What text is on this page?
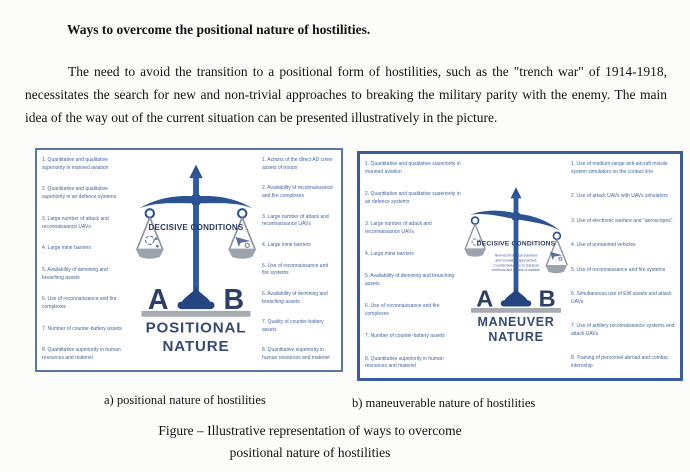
Ways to overcome the positional nature of hostilities.
The need to avoid the transition to a positional form of hostilities, such as the "trench war" of 1914-1918, necessitates the search for new and non-trivial approaches to breaking the military parity with the enemy. The main idea of the way out of the current situation can be presented illustratively in the picture.
1. Quantitative and qualitative superiority in manned aviation
2. Quantitative and qualitative superiority in air defence systems
3. Large number of attack and reconnaissance UAVs
4. Large mine barriers
5. Availability of demining and breaching assets
6. Use of reconnaissance and fire complexes
7. Number of counter-battery assets
8. Quantitative superiority in human resources and materiel
DECISIVE CONDITIONS
A B
POSITIONAL
NATURE
1. Actions of the direct AD cover assets of troops
2. Availability of reconnaissance and fire complexes
3. Large number of attack and reconnaissance UAVs
4. Large mine barriers
5. Use of reconnaissance and fire systems
6. Availability of demining and breaching assets
7. Quality of counter-battery assets
8. Quantitative superiority in human resources and materiel
1. Quantitative and qualitative superiority in manned aviation
2. Quantitative and qualitative superiority in air defence systems
3. Large number of attack and reconnaissance UAVs
4. Large mine barriers
5. Availability of demining and breaching assets
6. Use of reconnaissance and fire complexes
7. Number of counter-battery assets
8. Quantitative superiority in human resources and materiel
DECISIVE CONDITIONS
New technological solutions
and innovative approaches
Countermeasures to classical
methods and means of warfare
A B
MANEUVER
NATURE
1. Use of medium-range anti-aircraft missile system simulators on the contact line
2. Use of attack UAVs with UAVs simulators
3. Use of electronic warfare and "aeroscopes"
4. Use of unmanned vehicles
5. Use of reconnaissance and fire systems
6. Simultaneous use of EW assets and attack UAVs
7. Use of artillery reconnaissance systems and attack UAVs
8. Training of personnel abroad and combat internship
a) positional nature of hostilities	b) maneuverable nature of hostilities
Figure – Illustrative representation of ways to overcome
positional nature of hostilities
